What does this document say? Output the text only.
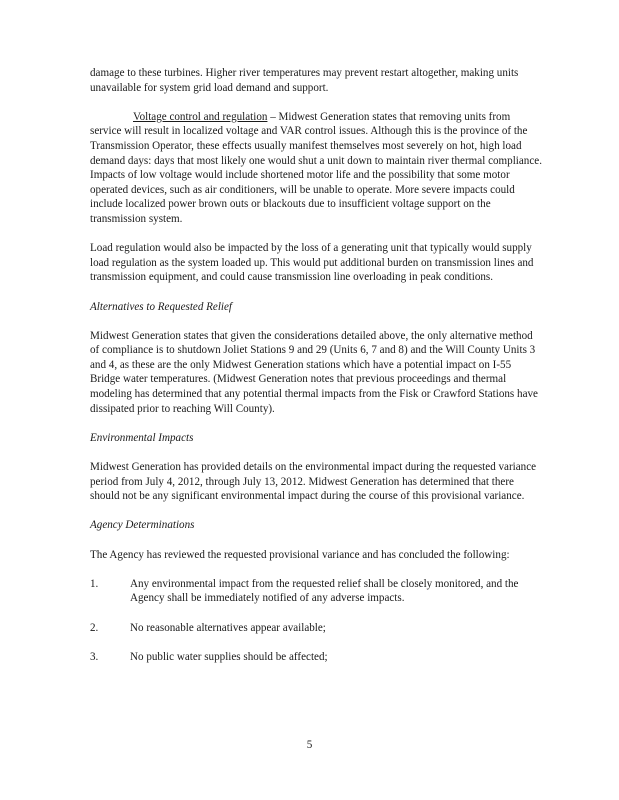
damage to these turbines. Higher river temperatures may prevent restart altogether, making units unavailable for system grid load demand and support.

Voltage control and regulation – Midwest Generation states that removing units from service will result in localized voltage and VAR control issues. Although this is the province of the Transmission Operator, these effects usually manifest themselves most severely on hot, high load demand days: days that most likely one would shut a unit down to maintain river thermal compliance. Impacts of low voltage would include shortened motor life and the possibility that some motor operated devices, such as air conditioners, will be unable to operate. More severe impacts could include localized power brown outs or blackouts due to insufficient voltage support on the transmission system.

Load regulation would also be impacted by the loss of a generating unit that typically would supply load regulation as the system loaded up. This would put additional burden on transmission lines and transmission equipment, and could cause transmission line overloading in peak conditions.

Alternatives to Requested Relief

Midwest Generation states that given the considerations detailed above, the only alternative method of compliance is to shutdown Joliet Stations 9 and 29 (Units 6, 7 and 8) and the Will County Units 3 and 4, as these are the only Midwest Generation stations which have a potential impact on I-55 Bridge water temperatures. (Midwest Generation notes that previous proceedings and thermal modeling has determined that any potential thermal impacts from the Fisk or Crawford Stations have dissipated prior to reaching Will County).

Environmental Impacts

Midwest Generation has provided details on the environmental impact during the requested variance period from July 4, 2012, through July 13, 2012. Midwest Generation has determined that there should not be any significant environmental impact during the course of this provisional variance.

Agency Determinations

The Agency has reviewed the requested provisional variance and has concluded the following:

1.	Any environmental impact from the requested relief shall be closely monitored, and the Agency shall be immediately notified of any adverse impacts.
2.	No reasonable alternatives appear available;
3.	No public water supplies should be affected;
5
